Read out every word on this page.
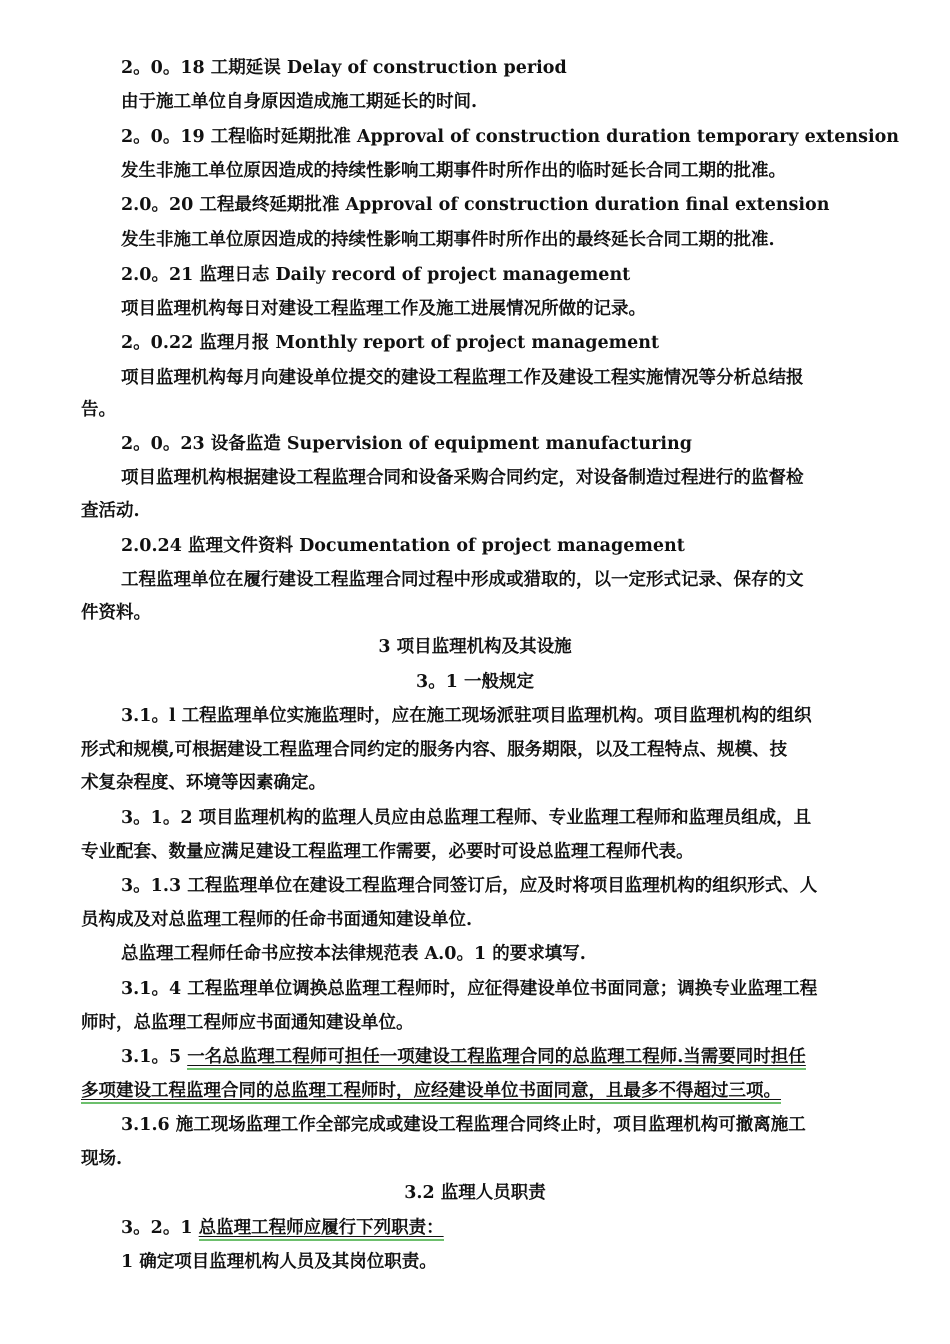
2。0。18 工期延误 Delay of construction period
由于施工单位自身原因造成施工期延长的时间.
2。0。19 工程临时延期批准 Approval of construction duration temporary extension
发生非施工单位原因造成的持续性影响工期事件时所作出的临时延长合同工期的批准。
2.0。20 工程最终延期批准 Approval of construction duration final extension
发生非施工单位原因造成的持续性影响工期事件时所作出的最终延长合同工期的批准.
2.0。21 监理日志 Daily record of project management
项目监理机构每日对建设工程监理工作及施工进展情况所做的记录。
2。0.22 监理月报 Monthly report of project management
项目监理机构每月向建设单位提交的建设工程监理工作及建设工程实施情况等分析总结报
告。
2。0。23 设备监造 Supervision of equipment manufacturing
项目监理机构根据建设工程监理合同和设备采购合同约定，对设备制造过程进行的监督检
查活动.
2.0.24 监理文件资料 Documentation of project management
工程监理单位在履行建设工程监理合同过程中形成或猎取的，以一定形式记录、保存的文
件资料。
3 项目监理机构及其设施
3。1 一般规定
3.1。l 工程监理单位实施监理时，应在施工现场派驻项目监理机构。项目监理机构的组织
形式和规模,可根据建设工程监理合同约定的服务内容、服务期限，以及工程特点、规模、技
术复杂程度、环境等因素确定。
3。1。2 项目监理机构的监理人员应由总监理工程师、专业监理工程师和监理员组成，且
专业配套、数量应满足建设工程监理工作需要，必要时可设总监理工程师代表。
3。1.3 工程监理单位在建设工程监理合同签订后，应及时将项目监理机构的组织形式、人
员构成及对总监理工程师的任命书面通知建设单位.
总监理工程师任命书应按本法律规范表 A.0。1 的要求填写.
3.1。4 工程监理单位调换总监理工程师时，应征得建设单位书面同意；调换专业监理工程
师时，总监理工程师应书面通知建设单位。
3.1。5 一名总监理工程师可担任一项建设工程监理合同的总监理工程师.当需要同时担任
多项建设工程监理合同的总监理工程师时，应经建设单位书面同意，且最多不得超过三项。
3.1.6 施工现场监理工作全部完成或建设工程监理合同终止时，项目监理机构可撤离施工
现场.
3.2 监理人员职责
3。2。1 总监理工程师应履行下列职责：
1 确定项目监理机构人员及其岗位职责。
